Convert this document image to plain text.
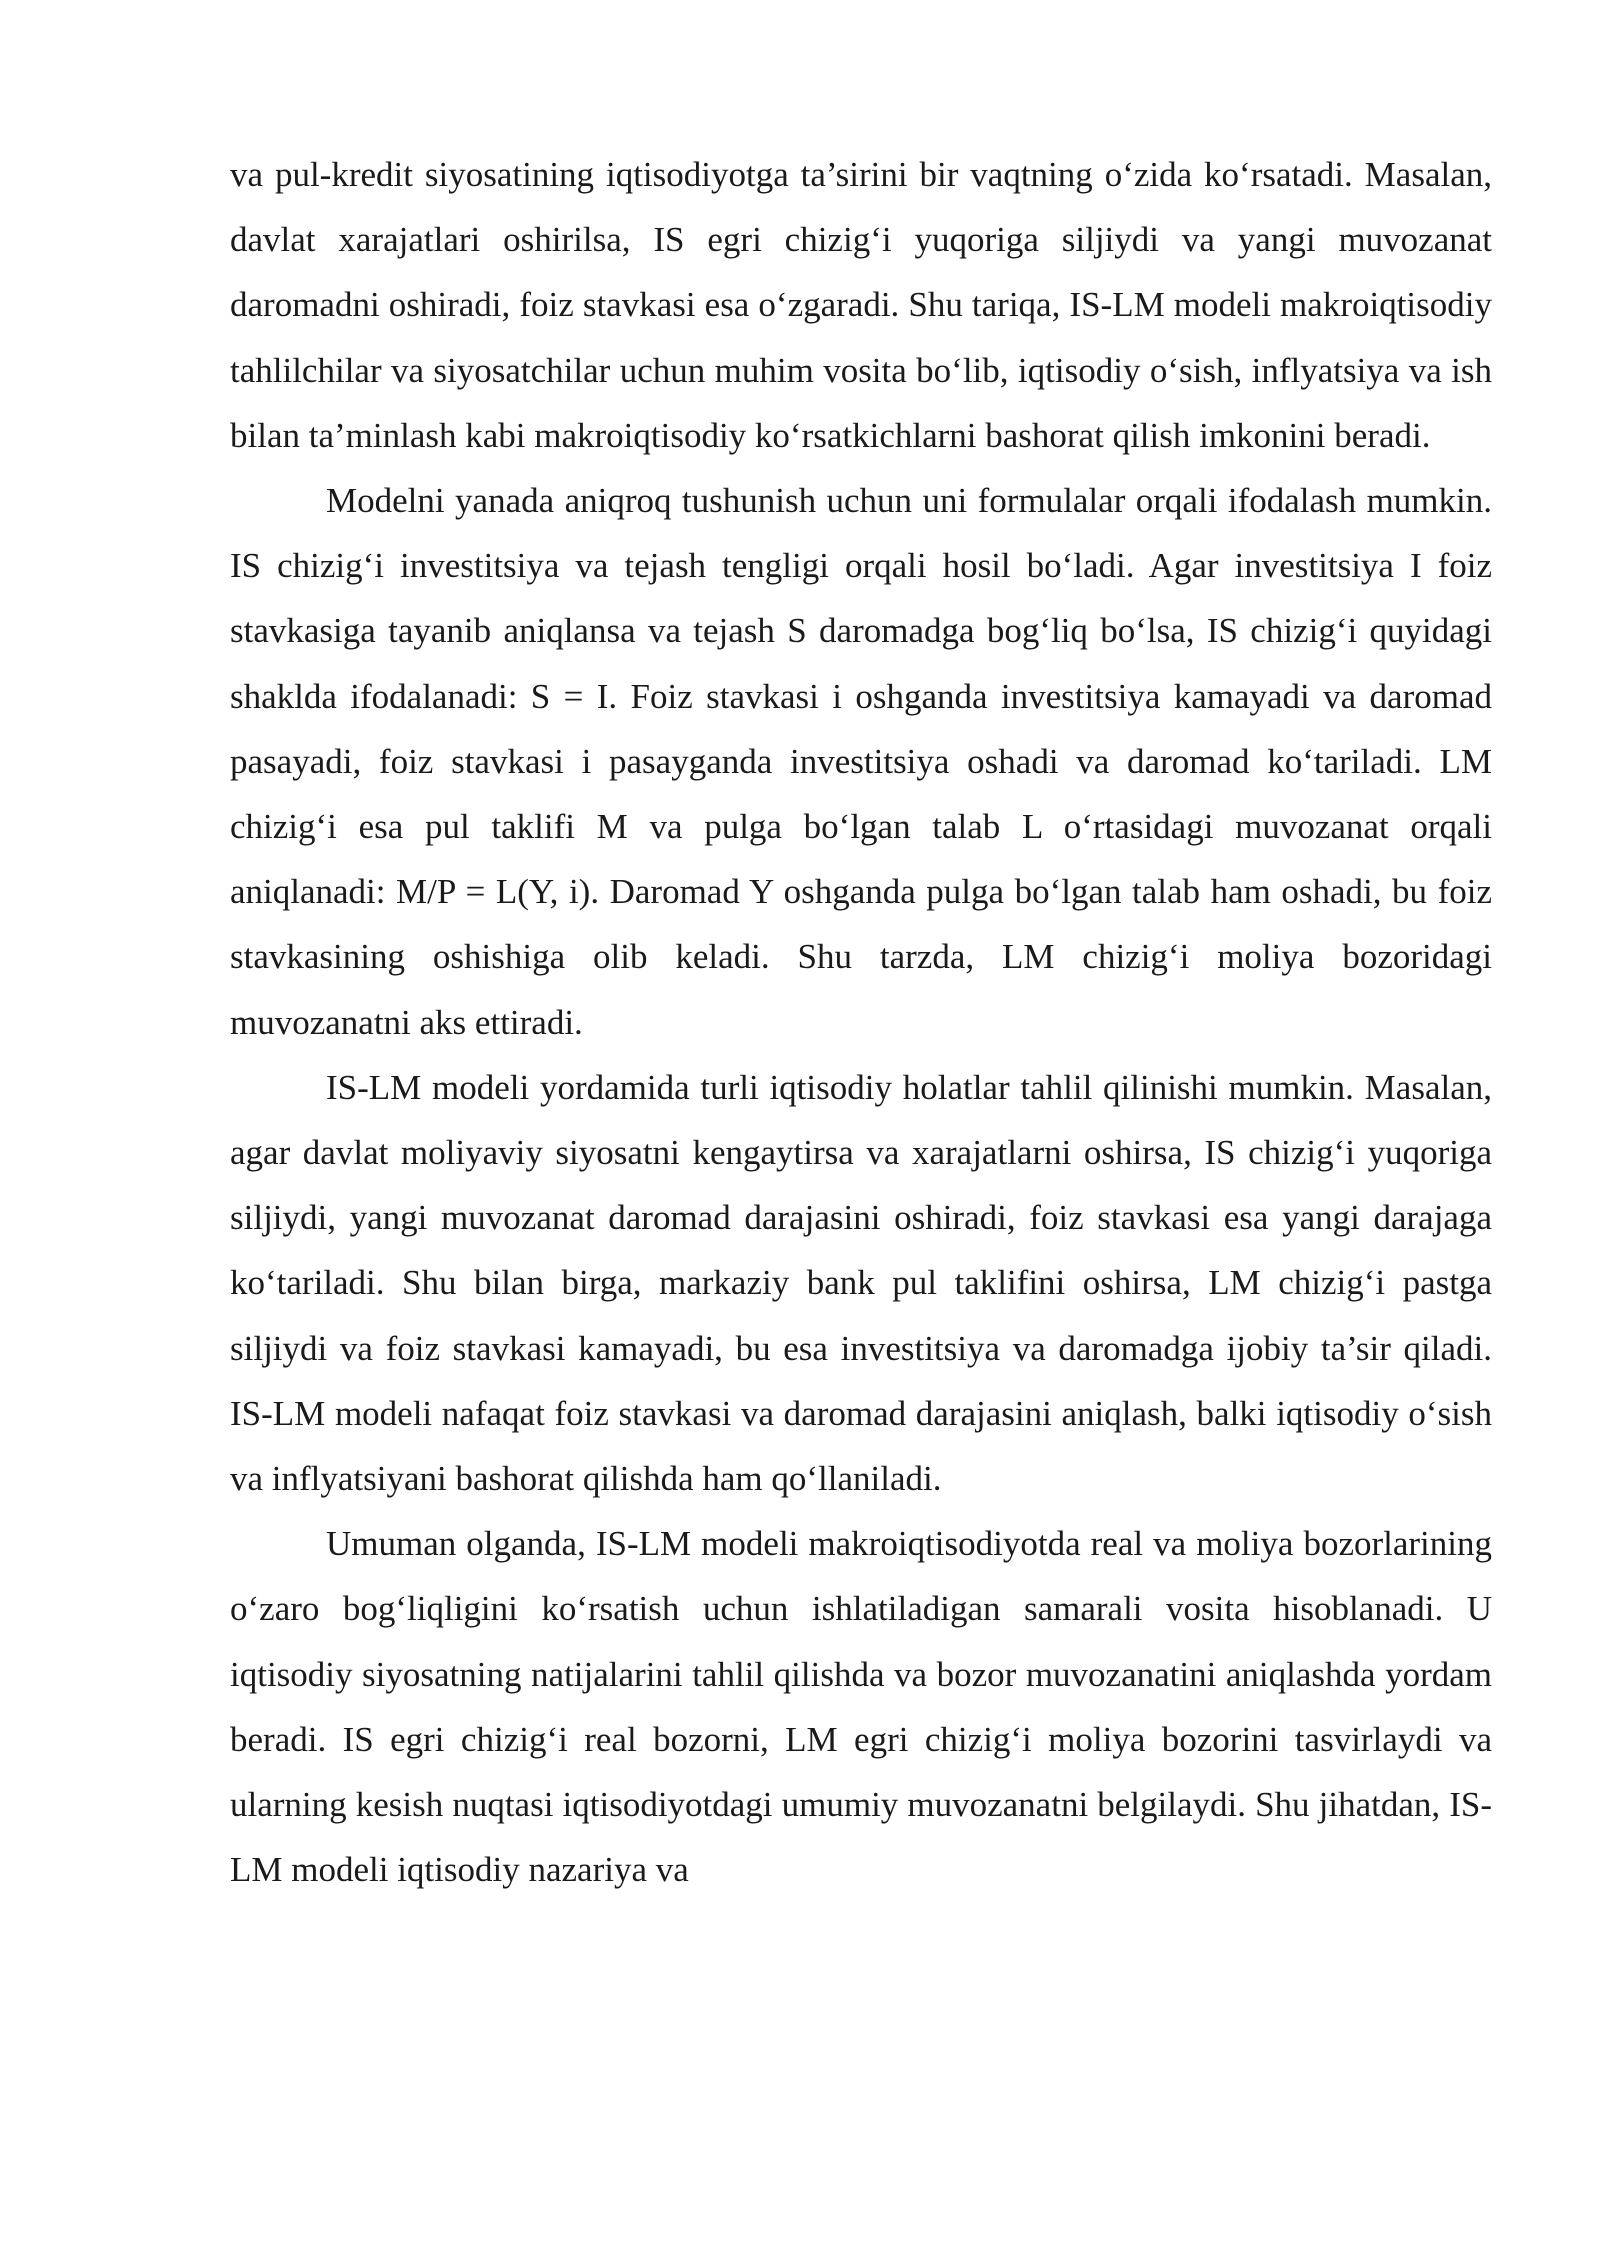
va pul-kredit siyosatining iqtisodiyotga ta’sirini bir vaqtning o‘zida ko‘rsatadi. Masalan, davlat xarajatlari oshirilsa, IS egri chizig‘i yuqoriga siljiydi va yangi muvozanat daromadni oshiradi, foiz stavkasi esa o‘zgaradi. Shu tariqa, IS-LM modeli makroiqtisodiy tahlilchilar va siyosatchilar uchun muhim vosita bo‘lib, iqtisodiy o‘sish, inflyatsiya va ish bilan ta’minlash kabi makroiqtisodiy ko‘rsatkichlarni bashorat qilish imkonini beradi.

Modelni yanada aniqroq tushunish uchun uni formulalar orqali ifodalash mumkin. IS chizig‘i investitsiya va tejash tengligi orqali hosil bo‘ladi. Agar investitsiya I foiz stavkasiga tayanib aniqlansa va tejash S daromadga bog‘liq bo‘lsa, IS chizig‘i quyidagi shaklda ifodalanadi: S = I. Foiz stavkasi i oshganda investitsiya kamayadi va daromad pasayadi, foiz stavkasi i pasayganda investitsiya oshadi va daromad ko‘tariladi. LM chizig‘i esa pul taklifi M va pulga bo‘lgan talab L o‘rtasidagi muvozanat orqali aniqlanadi: M/P = L(Y, i). Daromad Y oshganda pulga bo‘lgan talab ham oshadi, bu foiz stavkasining oshishiga olib keladi. Shu tarzda, LM chizig‘i moliya bozoridagi muvozanatni aks ettiradi.

IS-LM modeli yordamida turli iqtisodiy holatlar tahlil qilinishi mumkin. Masalan, agar davlat moliyaviy siyosatni kengaytirsa va xarajatlarni oshirsa, IS chizig‘i yuqoriga siljiydi, yangi muvozanat daromad darajasini oshiradi, foiz stavkasi esa yangi darajaga ko‘tariladi. Shu bilan birga, markaziy bank pul taklifini oshirsa, LM chizig‘i pastga siljiydi va foiz stavkasi kamayadi, bu esa investitsiya va daromadga ijobiy ta’sir qiladi. IS-LM modeli nafaqat foiz stavkasi va daromad darajasini aniqlash, balki iqtisodiy o‘sish va inflyatsiyani bashorat qilishda ham qo‘llaniladi.

Umuman olganda, IS-LM modeli makroiqtisodiyotda real va moliya bozorlarining o‘zaro bog‘liqligini ko‘rsatish uchun ishlatiladigan samarali vosita hisoblanadi. U iqtisodiy siyosatning natijalarini tahlil qilishda va bozor muvozanatini aniqlashda yordam beradi. IS egri chizig‘i real bozorni, LM egri chizig‘i moliya bozorini tasvirlaydi va ularning kesish nuqtasi iqtisodiyotdagi umumiy muvozanatni belgilaydi. Shu jihatdan, IS-LM modeli iqtisodiy nazariya va
